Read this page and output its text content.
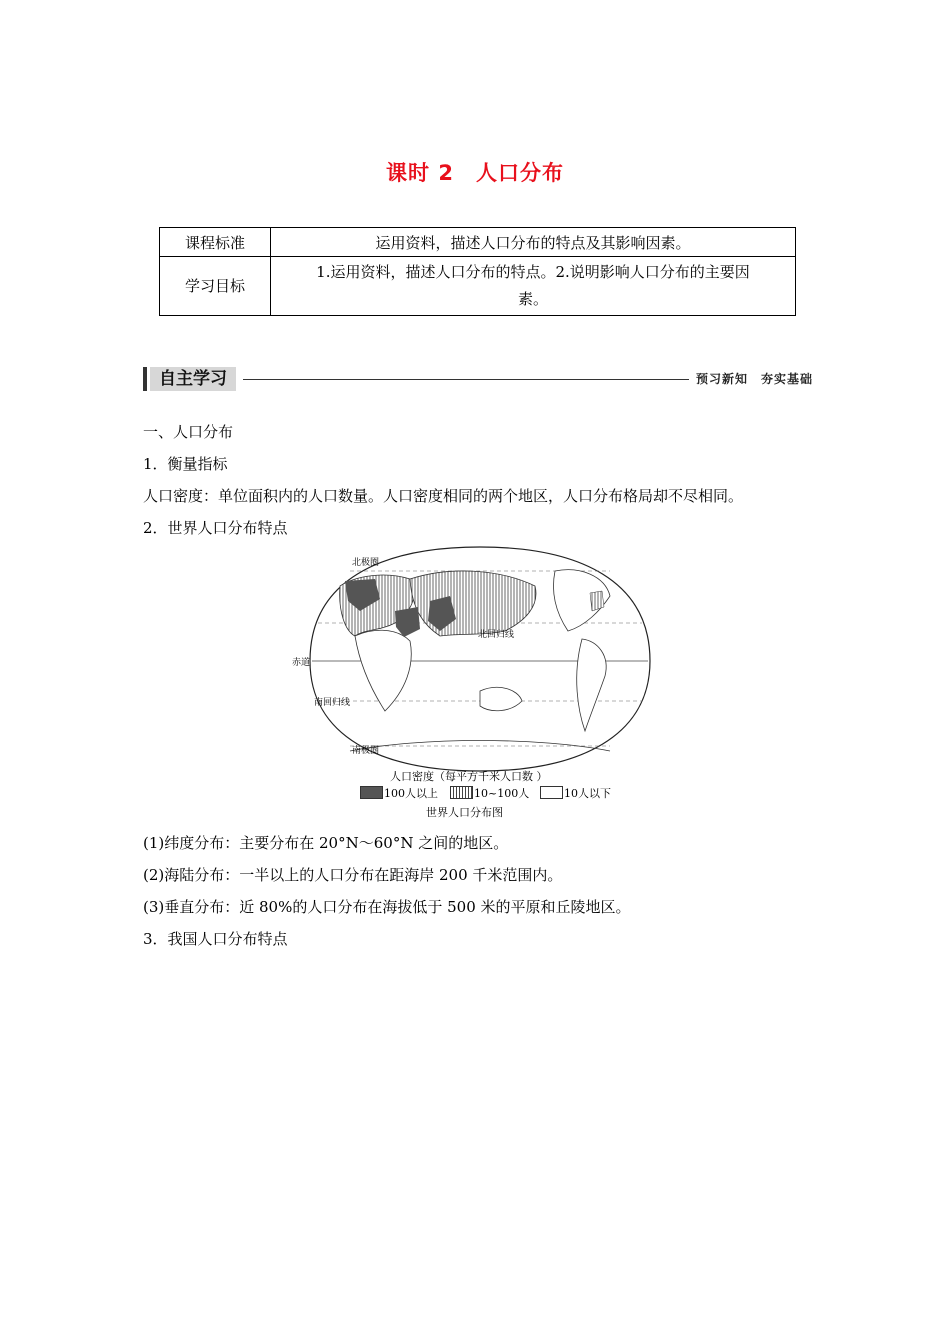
课时 2　人口分布
课程标准	运用资料，描述人口分布的特点及其影响因素。
学习目标	1.运用资料，描述人口分布的特点。2.说明影响人口分布的主要因
素。
自主学习	预习新知　夯实基础
一、人口分布
1．衡量指标
人口密度：单位面积内的人口数量。人口密度相同的两个地区，人口分布格局却不尽相同。
2．世界人口分布特点
北极圈
北回归线
赤道
南回归线
南极圈
人口密度（每平方千米人口数 ）
100人以上	10~100人	10人以下
世界人口分布图
(1)纬度分布：主要分布在 20°N～60°N 之间的地区。
(2)海陆分布：一半以上的人口分布在距海岸 200 千米范围内。
(3)垂直分布：近 80%的人口分布在海拔低于 500 米的平原和丘陵地区。
3．我国人口分布特点
